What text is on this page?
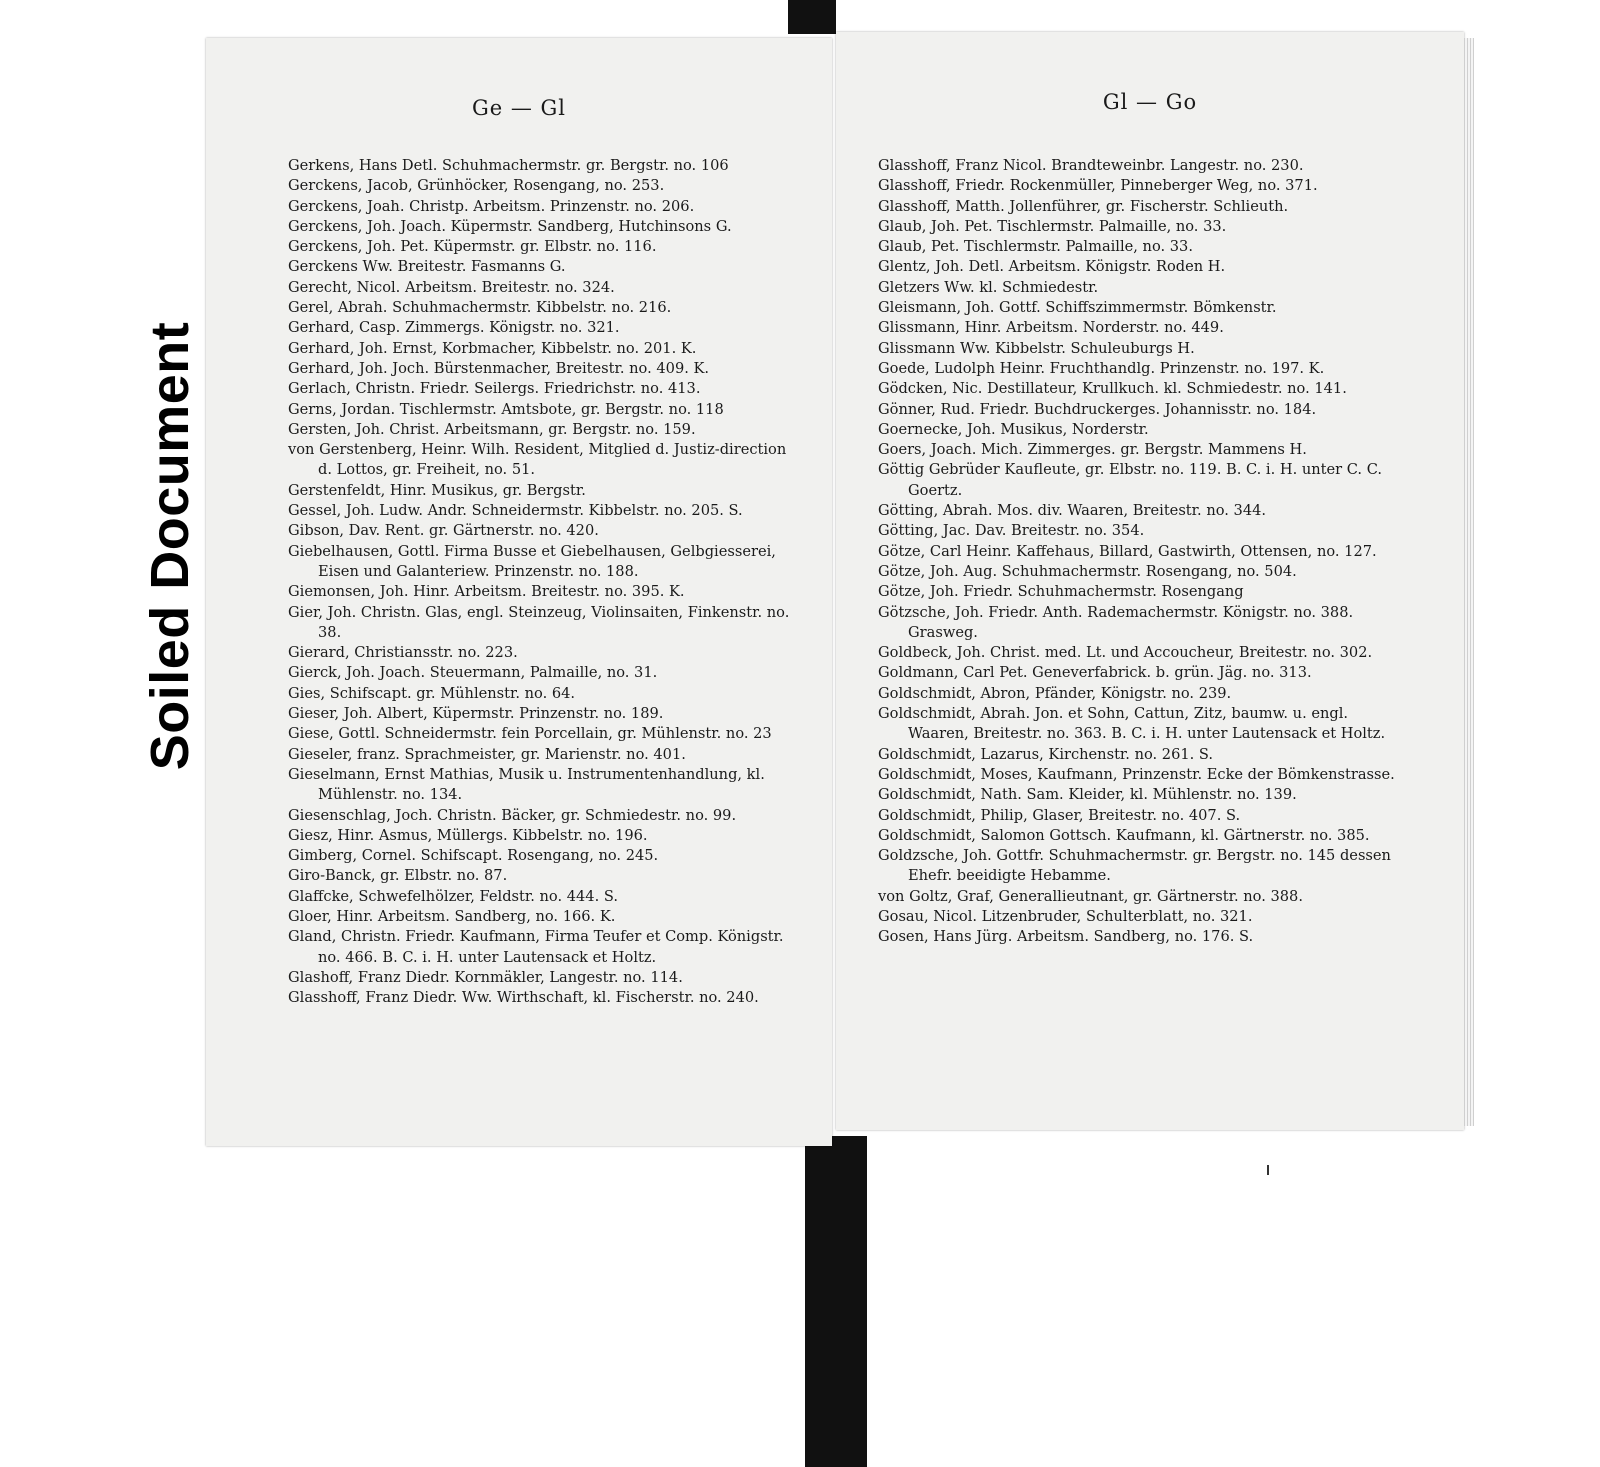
Soiled Document
Ge — Gl
Gerkens, Hans Detl. Schuhmachermstr. gr. Bergstr. no. 106
Gerckens, Jacob, Grünhöcker, Rosengang, no. 253.
Gerckens, Joah. Christp. Arbeitsm. Prinzenstr. no. 206.
Gerckens, Joh. Joach. Küpermstr. Sandberg, Hutchinsons G.
Gerckens, Joh. Pet. Küpermstr. gr. Elbstr. no. 116.
Gerckens Ww. Breitestr. Fasmanns G.
Gerecht, Nicol. Arbeitsm. Breitestr. no. 324.
Gerel, Abrah. Schuhmachermstr. Kibbelstr. no. 216.
Gerhard, Casp. Zimmergs. Königstr. no. 321.
Gerhard, Joh. Ernst, Korbmacher, Kibbelstr. no. 201. K.
Gerhard, Joh. Joch. Bürstenmacher, Breitestr. no. 409. K.
Gerlach, Christn. Friedr. Seilergs. Friedrichstr. no. 413.
Gerns, Jordan. Tischlermstr. Amtsbote, gr. Bergstr. no. 118
Gersten, Joh. Christ. Arbeitsmann, gr. Bergstr. no. 159.
von Gerstenberg, Heinr. Wilh. Resident, Mitglied d. Justiz-direction d. Lottos, gr. Freiheit, no. 51.
Gerstenfeldt, Hinr. Musikus, gr. Bergstr.
Gessel, Joh. Ludw. Andr. Schneidermstr. Kibbelstr. no. 205. S.
Gibson, Dav. Rent. gr. Gärtnerstr. no. 420.
Giebelhausen, Gottl. Firma Busse et Giebelhausen, Gelbgiesserei, Eisen und Galanteriew. Prinzenstr. no. 188.
Giemonsen, Joh. Hinr. Arbeitsm. Breitestr. no. 395. K.
Gier, Joh. Christn. Glas, engl. Steinzeug, Violinsaiten, Finkenstr. no. 38.
Gierard, Christiansstr. no. 223.
Gierck, Joh. Joach. Steuermann, Palmaille, no. 31.
Gies, Schifscapt. gr. Mühlenstr. no. 64.
Gieser, Joh. Albert, Küpermstr. Prinzenstr. no. 189.
Giese, Gottl. Schneidermstr. fein Porcellain, gr. Mühlenstr. no. 23
Gieseler, franz. Sprachmeister, gr. Marienstr. no. 401.
Gieselmann, Ernst Mathias, Musik u. Instrumentenhandlung, kl. Mühlenstr. no. 134.
Giesenschlag, Joch. Christn. Bäcker, gr. Schmiedestr. no. 99.
Giesz, Hinr. Asmus, Müllergs. Kibbelstr. no. 196.
Gimberg, Cornel. Schifscapt. Rosengang, no. 245.
Giro-Banck, gr. Elbstr. no. 87.
Glaffcke, Schwefelhölzer, Feldstr. no. 444. S.
Gloer, Hinr. Arbeitsm. Sandberg, no. 166. K.
Gland, Christn. Friedr. Kaufmann, Firma Teufer et Comp. Königstr. no. 466. B. C. i. H. unter Lautensack et Holtz.
Glashoff, Franz Diedr. Kornmäkler, Langestr. no. 114.
Glasshoff, Franz Diedr. Ww. Wirthschaft, kl. Fischerstr. no. 240.
Gl — Go
Glasshoff, Franz Nicol. Brandteweinbr. Langestr. no. 230.
Glasshoff, Friedr. Rockenmüller, Pinneberger Weg, no. 371.
Glasshoff, Matth. Jollenführer, gr. Fischerstr. Schlieuth.
Glaub, Joh. Pet. Tischlermstr. Palmaille, no. 33.
Glaub, Pet. Tischlermstr. Palmaille, no. 33.
Glentz, Joh. Detl. Arbeitsm. Königstr. Roden H.
Gletzers Ww. kl. Schmiedestr.
Gleismann, Joh. Gottf. Schiffszimmermstr. Bömkenstr.
Glissmann, Hinr. Arbeitsm. Norderstr. no. 449.
Glissmann Ww. Kibbelstr. Schuleuburgs H.
Goede, Ludolph Heinr. Fruchthandlg. Prinzenstr. no. 197. K.
Gödcken, Nic. Destillateur, Krullkuch. kl. Schmiedestr. no. 141.
Gönner, Rud. Friedr. Buchdruckerges. Johannisstr. no. 184.
Goernecke, Joh. Musikus, Norderstr.
Goers, Joach. Mich. Zimmerges. gr. Bergstr. Mammens H.
Göttig Gebrüder Kaufleute, gr. Elbstr. no. 119. B. C. i. H. unter C. C. Goertz.
Götting, Abrah. Mos. div. Waaren, Breitestr. no. 344.
Götting, Jac. Dav. Breitestr. no. 354.
Götze, Carl Heinr. Kaffehaus, Billard, Gastwirth, Ottensen, no. 127.
Götze, Joh. Aug. Schuhmachermstr. Rosengang, no. 504.
Götze, Joh. Friedr. Schuhmachermstr. Rosengang
Götzsche, Joh. Friedr. Anth. Rademachermstr. Königstr. no. 388. Grasweg.
Goldbeck, Joh. Christ. med. Lt. und Accoucheur, Breitestr. no. 302.
Goldmann, Carl Pet. Geneverfabrick. b. grün. Jäg. no. 313.
Goldschmidt, Abron, Pfänder, Königstr. no. 239.
Goldschmidt, Abrah. Jon. et Sohn, Cattun, Zitz, baumw. u. engl. Waaren, Breitestr. no. 363. B. C. i. H. unter Lautensack et Holtz.
Goldschmidt, Lazarus, Kirchenstr. no. 261. S.
Goldschmidt, Moses, Kaufmann, Prinzenstr. Ecke der Bömkenstrasse.
Goldschmidt, Nath. Sam. Kleider, kl. Mühlenstr. no. 139.
Goldschmidt, Philip, Glaser, Breitestr. no. 407. S.
Goldschmidt, Salomon Gottsch. Kaufmann, kl. Gärtnerstr. no. 385.
Goldzsche, Joh. Gottfr. Schuhmachermstr. gr. Bergstr. no. 145 dessen Ehefr. beeidigte Hebamme.
von Goltz, Graf, Generallieutnant, gr. Gärtnerstr. no. 388.
Gosau, Nicol. Litzenbruder, Schulterblatt, no. 321.
Gosen, Hans Jürg. Arbeitsm. Sandberg, no. 176. S.
